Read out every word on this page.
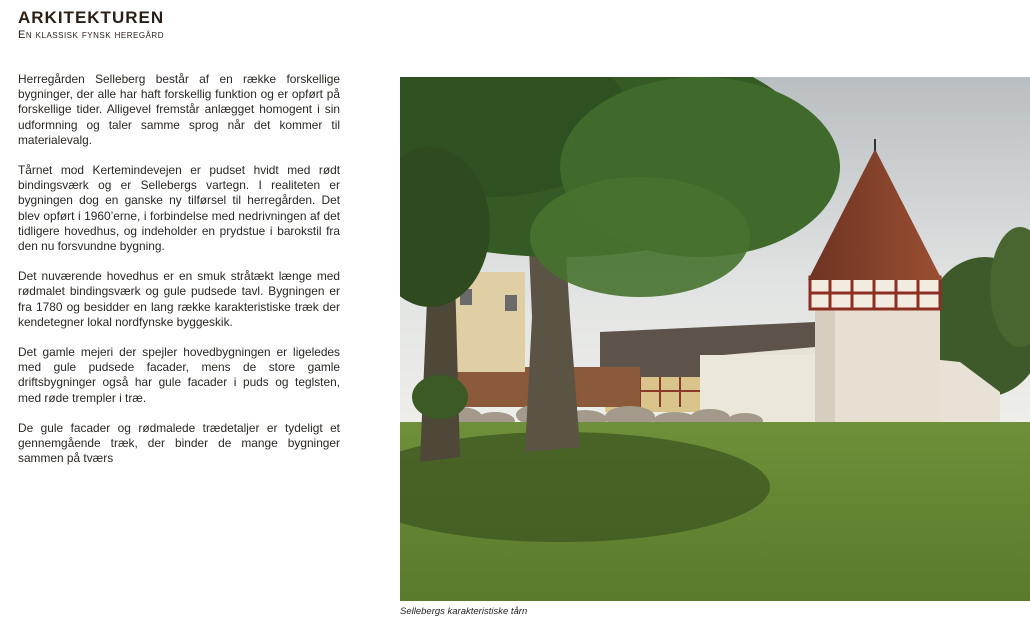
ARKITEKTUREN
En klassisk fynsk heregård

Herregården Selleberg består af en række forskellige bygninger, der alle har haft forskellig funktion og er opført på forskellige tider. Alligevel fremstår anlægget homogent i sin udformning og taler samme sprog når det kommer til materialevalg.

Tårnet mod Kertemindevejen er pudset hvidt med rødt bindingsværk og er Sellebergs vartegn. I realiteten er bygningen dog en ganske ny tilførsel til herregården. Det blev opført i 1960’erne, i forbindelse med nedrivningen af det tidligere hovedhus, og indeholder en prydstue i barokstil fra den nu forsvundne bygning.

Det nuværende hovedhus er en smuk stråtækt længe med rødmalet bindingsværk og gule pudsede tavl. Bygningen er fra 1780 og besidder en lang række karakteristiske træk der kendetegner lokal nordfynske byggeskik.

Det gamle mejeri der spejler hovedbygningen er ligeledes med gule pudsede facader, mens de store gamle driftsbygninger også har gule facader i puds og teglsten, med røde trempler i træ.

De gule facader og rødmalede trædetaljer er tydeligt et gennemgående træk, der binder de mange bygninger sammen på tværs

Sellebergs karakteristiske tårn
